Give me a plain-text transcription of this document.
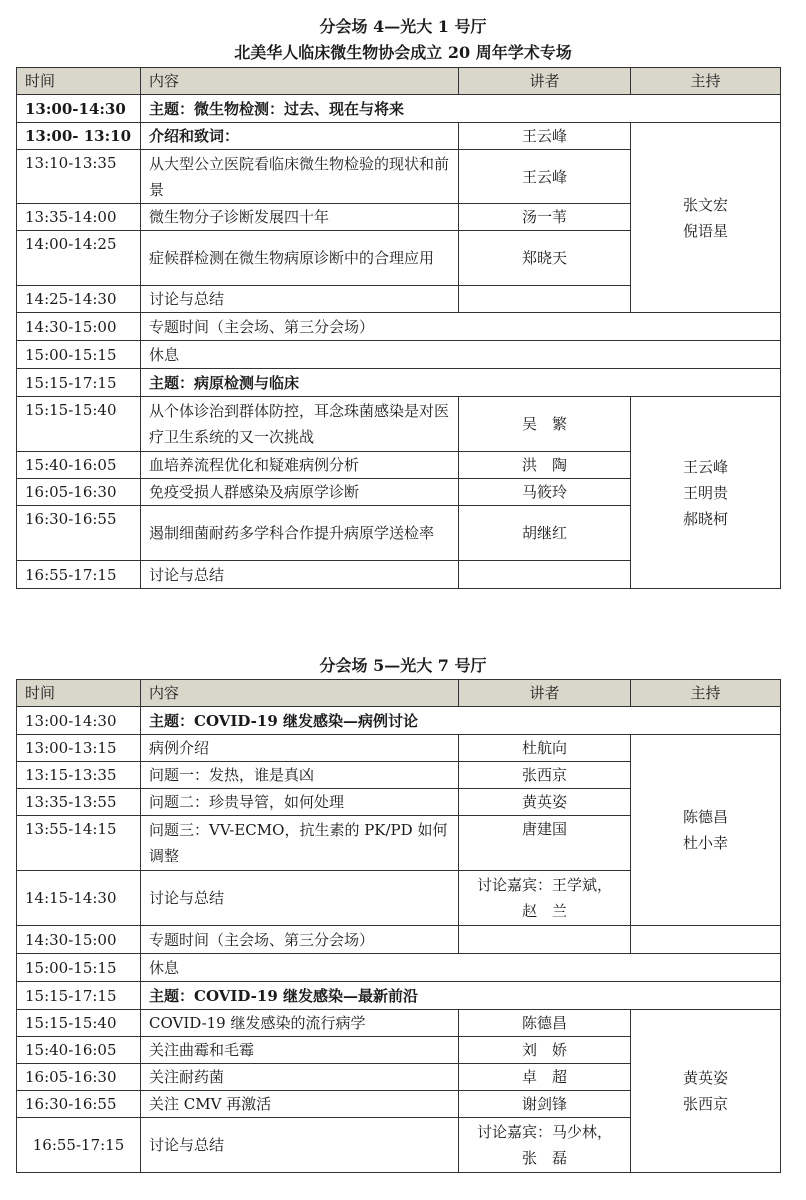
分会场 4—光大 1 号厅
北美华人临床微生物协会成立 20 周年学术专场
时间	内容	讲者	主持
13:00-14:30	主题：微生物检测：过去、现在与将来		
13:00- 13:10	介绍和致词：	王云峰	张文宏
倪语星

13:10-13:35	从大型公立医院看临床微生物检验的现状和前景	王云峰	
13:35-14:00	微生物分子诊断发展四十年	汤一苇	
14:00-14:25	症候群检测在微生物病原诊断中的合理应用	郑晓天	
14:25-14:30	讨论与总结		
14:30-15:00	专题时间（主会场、第三分会场）		
15:00-15:15	休息		
15:15-17:15	主题：病原检测与临床		
15:15-15:40	从个体诊治到群体防控，耳念珠菌感染是对医疗卫生系统的又一次挑战	吴　繁	王云峰
王明贵
郝晓柯

15:40-16:05	血培养流程优化和疑难病例分析	洪　陶	
16:05-16:30	免疫受损人群感染及病原学诊断	马筱玲	
16:30-16:55	遏制细菌耐药多学科合作提升病原学送检率	胡继红	
16:55-17:15	讨论与总结		
分会场 5—光大 7 号厅
时间	内容	讲者	主持
13:00-14:30	主题：COVID-19 继发感染—病例讨论		
13:00-13:15	病例介绍	杜航向	陈德昌
杜小幸

13:15-13:35	问题一：发热，谁是真凶	张西京	
13:35-13:55	问题二：珍贵导管，如何处理	黄英姿	
13:55-14:15	问题三：VV-ECMO，抗生素的 PK/PD 如何调整	唐建国	
14:15-14:30	讨论与总结	讨论嘉宾：王学斌，赵　兰	
14:30-15:00	专题时间（主会场、第三分会场）		
15:00-15:15	休息		
15:15-17:15	主题：COVID-19 继发感染—最新前沿		
15:15-15:40	COVID-19 继发感染的流行病学	陈德昌	黄英姿
张西京

15:40-16:05	关注曲霉和毛霉	刘　娇	
16:05-16:30	关注耐药菌	卓　超	
16:30-16:55	关注 CMV 再激活	谢剑锋	
16:55-17:15	讨论与总结	讨论嘉宾：马少林，张　磊	
